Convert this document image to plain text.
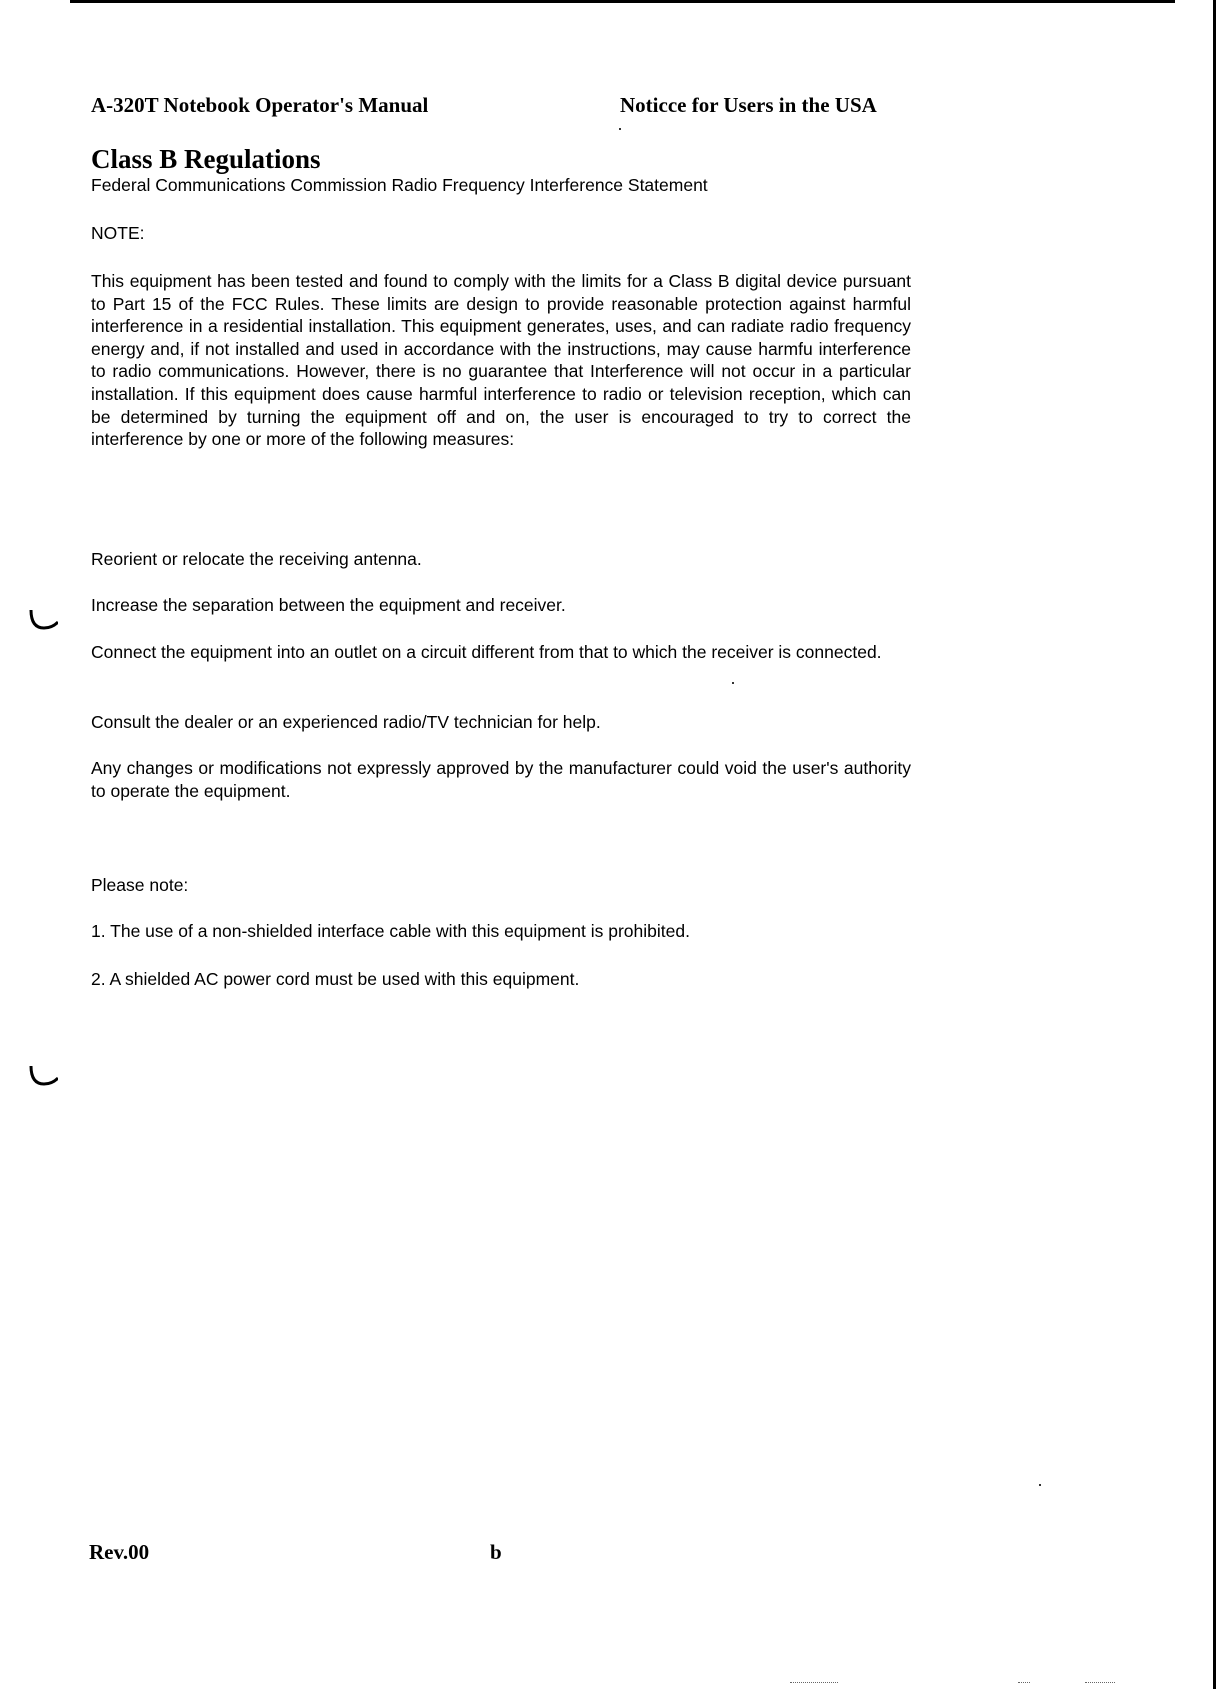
A-320T Notebook Operator's Manual	Noticce for Users in the USA
Class B Regulations
Federal Communications Commission Radio Frequency Interference Statement
NOTE:
This equipment has been tested and found to comply with the limits for a Class B digital device pursuant to Part 15 of the FCC Rules. These limits are design to provide reasonable protection against harmful interference in a residential installation. This equipment generates, uses, and can radiate radio frequency energy and, if not installed and used in accordance with the instructions, may cause harmfu interference to radio communications. However, there is no guarantee that Interference will not occur in a particular installation. If this equipment does cause harmful interference to radio or television reception, which can be determined by turning the equipment off and on, the user is encouraged to try to correct the interference by one or more of the following measures:
Reorient or relocate the receiving antenna.
Increase the separation between the equipment and receiver.
Connect the equipment into an outlet on a circuit different from that to which the receiver is connected.
Consult the dealer or an experienced radio/TV technician for help.
Any changes or modifications not expressly approved by the manufacturer could void the user's authority to operate the equipment.
Please note:
1. The use of a non-shielded interface cable with this equipment is prohibited.
2. A shielded AC power cord must be used with this equipment.
Rev.00	b
